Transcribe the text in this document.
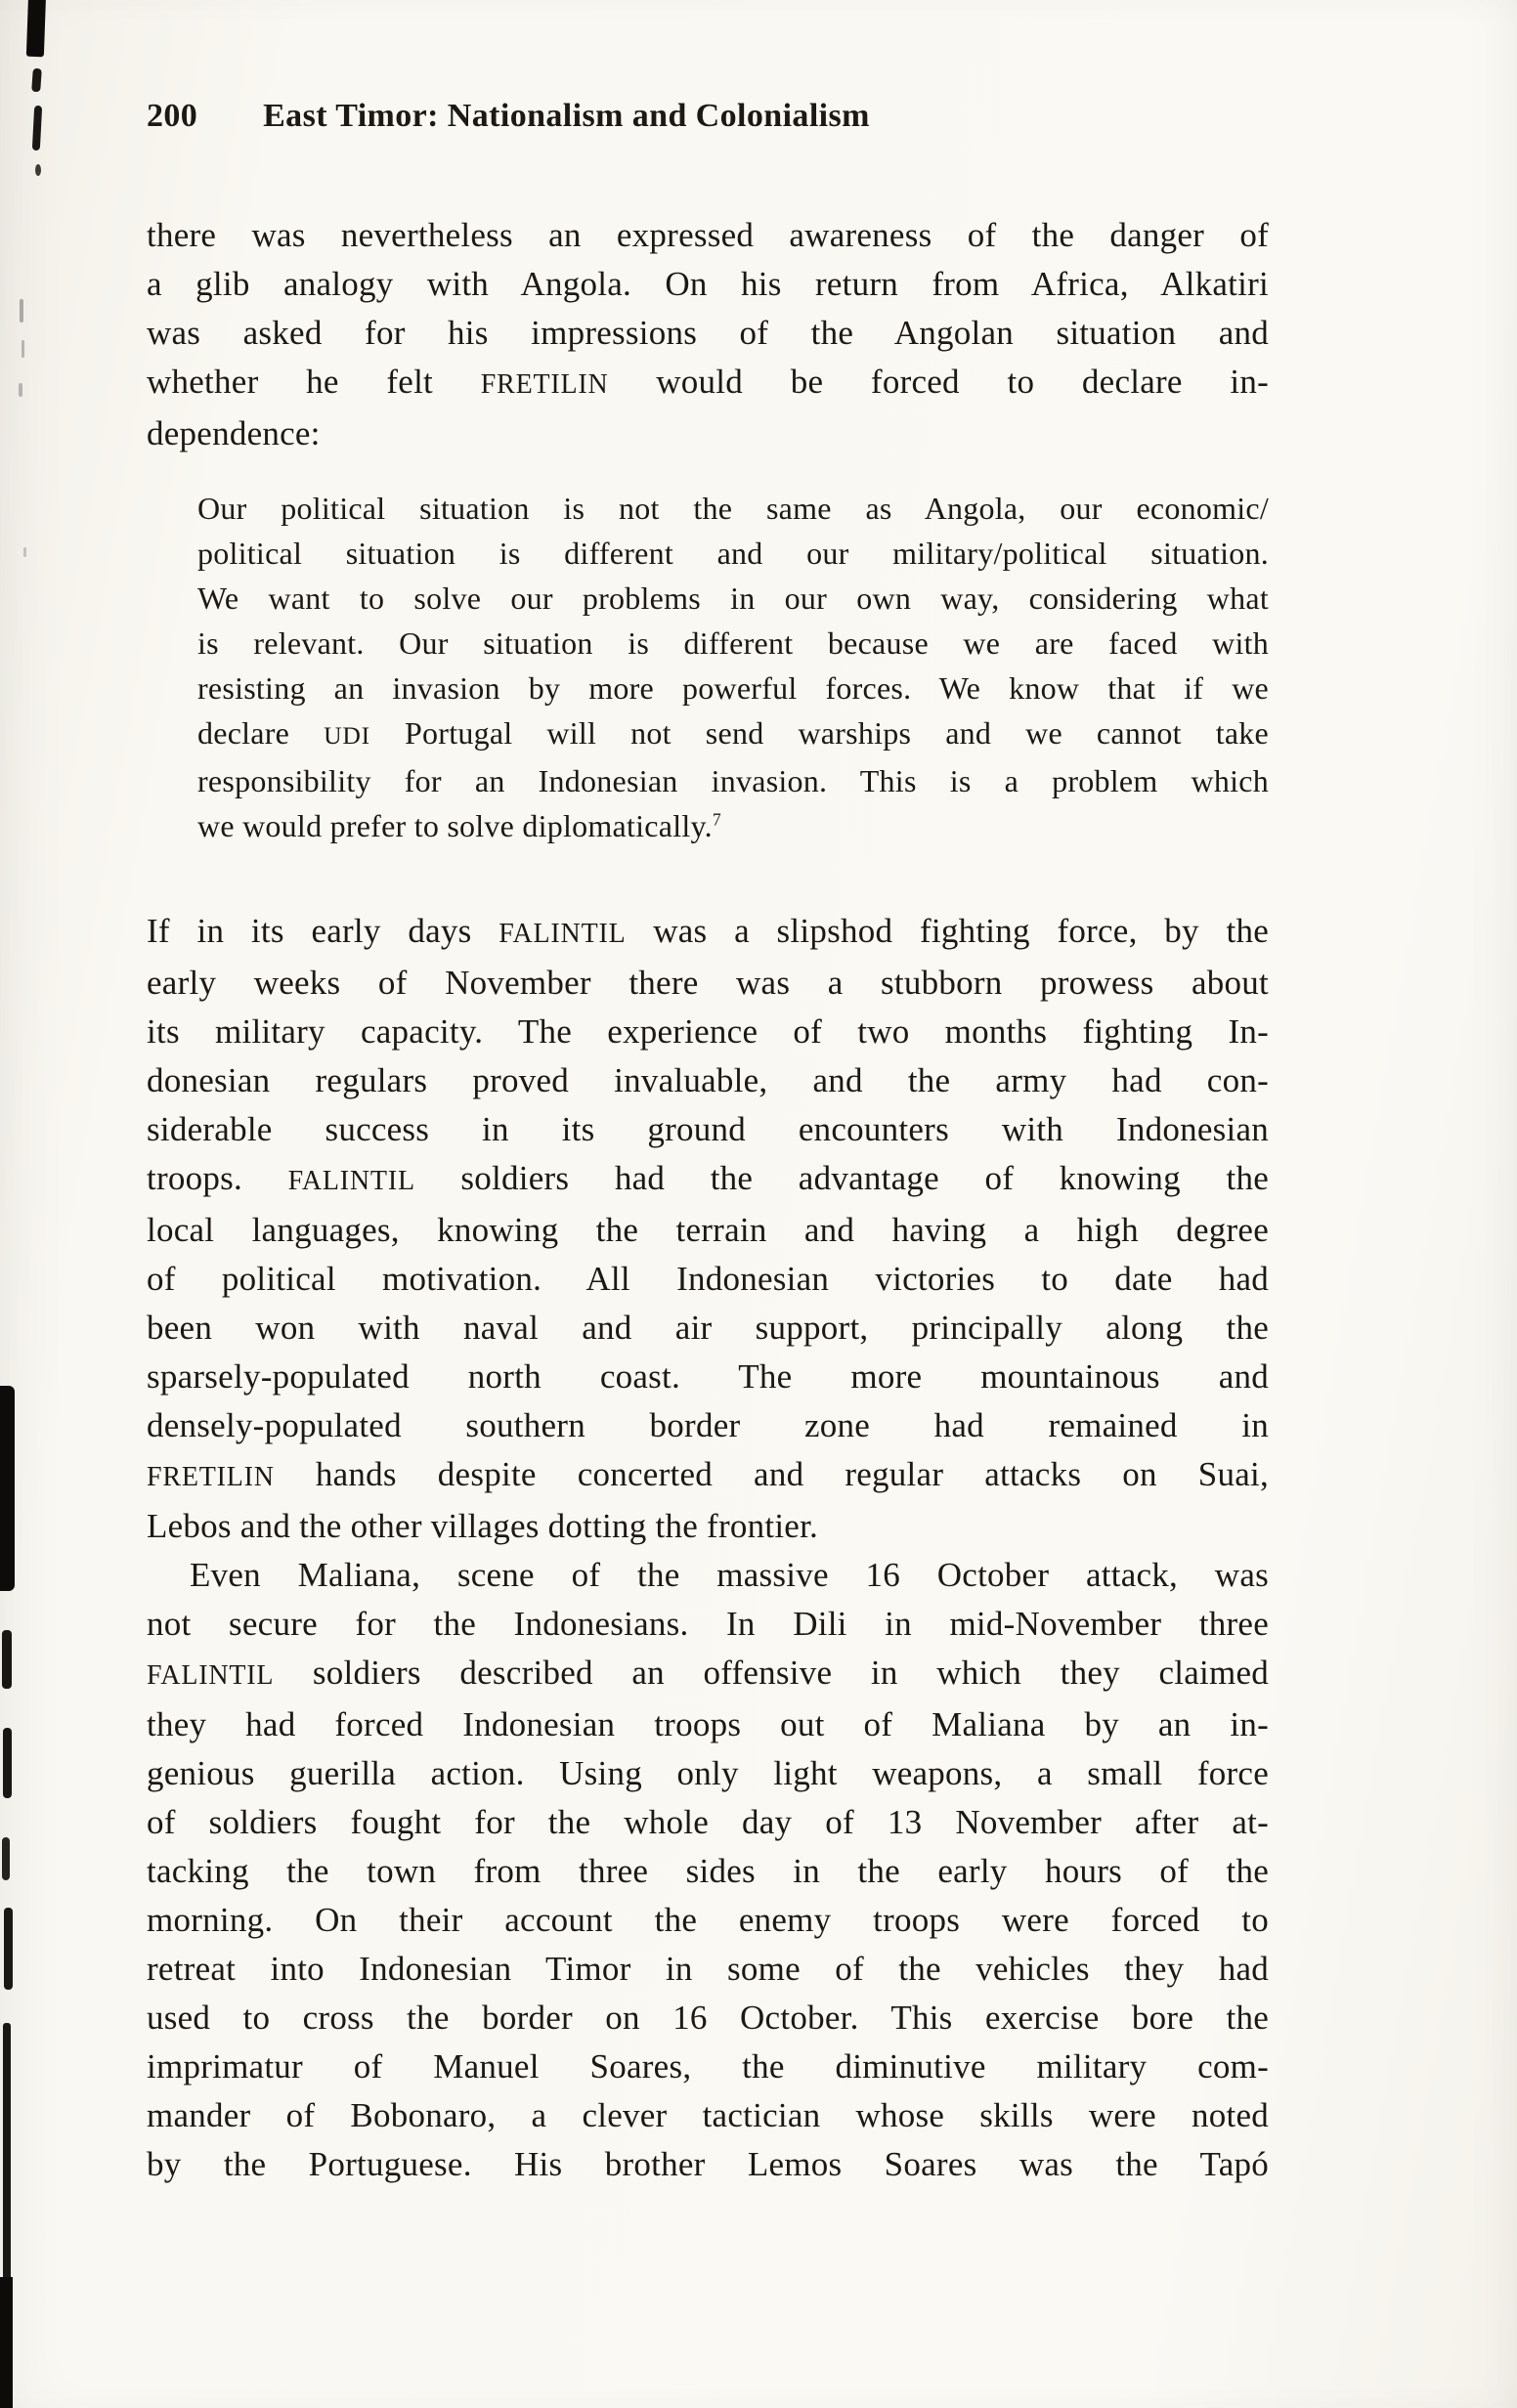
200 East Timor: Nationalism and Colonialism
there was nevertheless an expressed awareness of the danger of
a glib analogy with Angola. On his return from Africa, Alkatiri
was asked for his impressions of the Angolan situation and
whether he felt FRETILIN would be forced to declare in-
dependence:
Our political situation is not the same as Angola, our economic/
political situation is different and our military/political situation.
We want to solve our problems in our own way, considering what
is relevant. Our situation is different because we are faced with
resisting an invasion by more powerful forces. We know that if we
declare UDI Portugal will not send warships and we cannot take
responsibility for an Indonesian invasion. This is a problem which
we would prefer to solve diplomatically.$^7$
If in its early days FALINTIL was a slipshod fighting force, by the
early weeks of November there was a stubborn prowess about
its military capacity. The experience of two months fighting In-
donesian regulars proved invaluable, and the army had con-
siderable success in its ground encounters with Indonesian
troops. FALINTIL soldiers had the advantage of knowing the
local languages, knowing the terrain and having a high degree
of political motivation. All Indonesian victories to date had
been won with naval and air support, principally along the
sparsely-populated north coast. The more mountainous and
densely-populated southern border zone had remained in
FRETILIN hands despite concerted and regular attacks on Suai,
Lebos and the other villages dotting the frontier.
Even Maliana, scene of the massive 16 October attack, was
not secure for the Indonesians. In Dili in mid-November three
FALINTIL soldiers described an offensive in which they claimed
they had forced Indonesian troops out of Maliana by an in-
genious guerilla action. Using only light weapons, a small force
of soldiers fought for the whole day of 13 November after at-
tacking the town from three sides in the early hours of the
morning. On their account the enemy troops were forced to
retreat into Indonesian Timor in some of the vehicles they had
used to cross the border on 16 October. This exercise bore the
imprimatur of Manuel Soares, the diminutive military com-
mander of Bobonaro, a clever tactician whose skills were noted
by the Portuguese. His brother Lemos Soares was the Tapó
